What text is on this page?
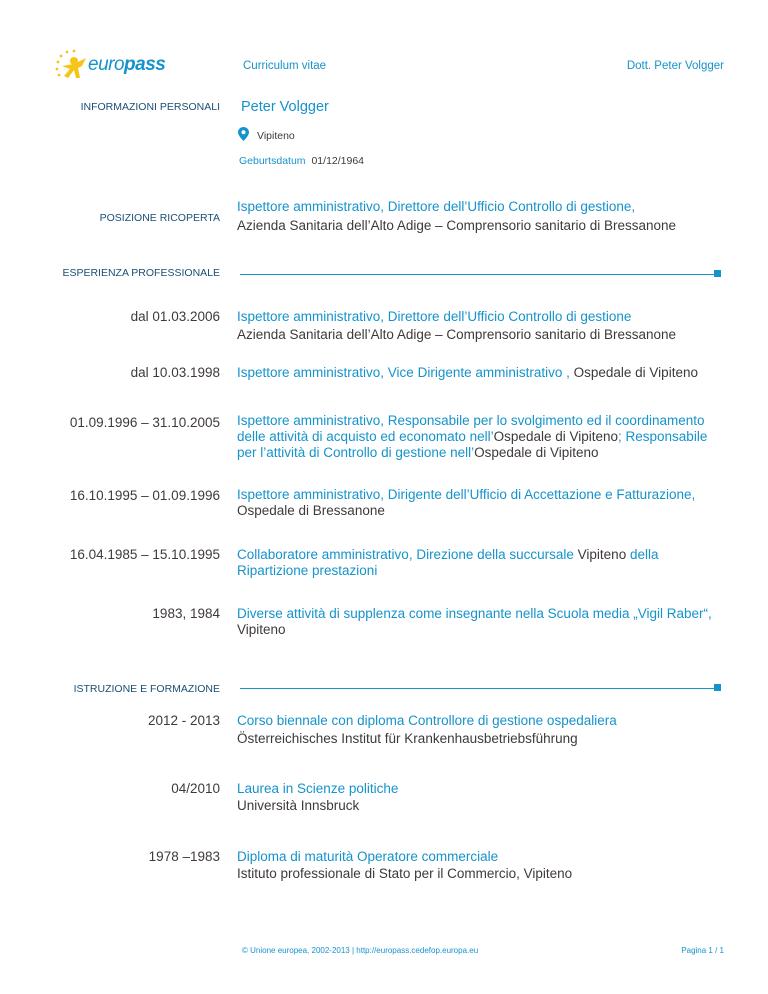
europass	Curriculum vitae	Dott. Peter Volgger
INFORMAZIONI PERSONALI Peter Volgger
Vipiteno
Geburtsdatum 01/12/1964
POSIZIONE RICOPERTA
Ispettore amministrativo, Direttore dell’Ufficio Controllo di gestione,
Azienda Sanitaria dell’Alto Adige – Comprensorio sanitario di Bressanone
ESPERIENZA PROFESSIONALE
dal 01.03.2006 Ispettore amministrativo, Direttore dell’Ufficio Controllo di gestione
Azienda Sanitaria dell’Alto Adige – Comprensorio sanitario di Bressanone
dal 10.03.1998 Ispettore amministrativo, Vice Dirigente amministrativo , Ospedale di Vipiteno
01.09.1996 – 31.10.2005 Ispettore amministrativo, Responsabile per lo svolgimento ed il coordinamento
delle attività di acquisto ed economato nell’Ospedale di Vipiteno; Responsabile
per l’attività di Controllo di gestione nell’Ospedale di Vipiteno
16.10.1995 – 01.09.1996 Ispettore amministrativo, Dirigente dell’Ufficio di Accettazione e Fatturazione,
Ospedale di Bressanone
16.04.1985 – 15.10.1995 Collaboratore amministrativo, Direzione della succursale Vipiteno della
Ripartizione prestazioni
1983, 1984 Diverse attività di supplenza come insegnante nella Scuola media „Vigil Raber“,
Vipiteno
ISTRUZIONE E FORMAZIONE
2012 - 2013 Corso biennale con diploma Controllore di gestione ospedaliera
Österreichisches Institut für Krankenhausbetriebsführung
04/2010 Laurea in Scienze politiche
Università Innsbruck
1978 –1983 Diploma di maturità Operatore commerciale
Istituto professionale di Stato per il Commercio, Vipiteno
© Unione europea, 2002-2013 | http://europass.cedefop.europa.eu	Pagina 1 / 1
